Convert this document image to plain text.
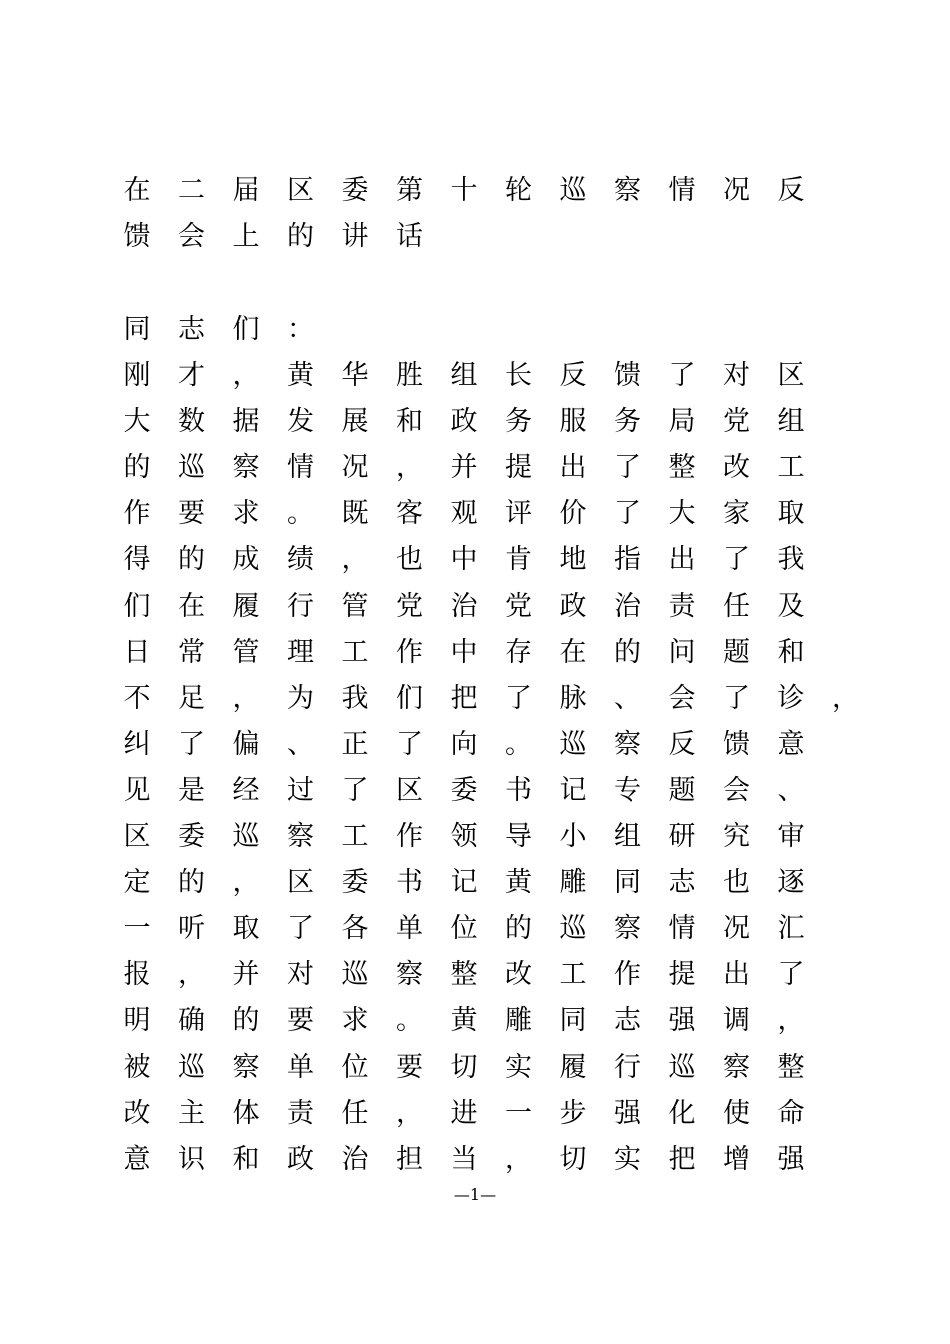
在	二	届	区	委	第	十	轮	巡	察	情	况	反
馈	会	上	的	讲	话
同	志	们	：
刚	才	，	黄	华	胜	组	长	反	馈	了	对	区
大	数	据	发	展	和	政	务	服	务	局	党	组
的	巡	察	情	况	，	并	提	出	了	整	改	工
作	要	求	。	既	客	观	评	价	了	大	家	取
得	的	成	绩	，	也	中	肯	地	指	出	了	我
们	在	履	行	管	党	治	党	政	治	责	任	及
日	常	管	理	工	作	中	存	在	的	问	题	和
不	足	，	为	我	们	把	了	脉	、	会	了	诊	，
纠	了	偏	、	正	了	向	。	巡	察	反	馈	意
见	是	经	过	了	区	委	书	记	专	题	会	、
区	委	巡	察	工	作	领	导	小	组	研	究	审
定	的	，	区	委	书	记	黄	雕	同	志	也	逐
一	听	取	了	各	单	位	的	巡	察	情	况	汇
报	，	并	对	巡	察	整	改	工	作	提	出	了
明	确	的	要	求	。	黄	雕	同	志	强	调	，
被	巡	察	单	位	要	切	实	履	行	巡	察	整
改	主	体	责	任	，	进	一	步	强	化	使	命
意	识	和	政	治	担	当	，	切	实	把	增	强
—1—
